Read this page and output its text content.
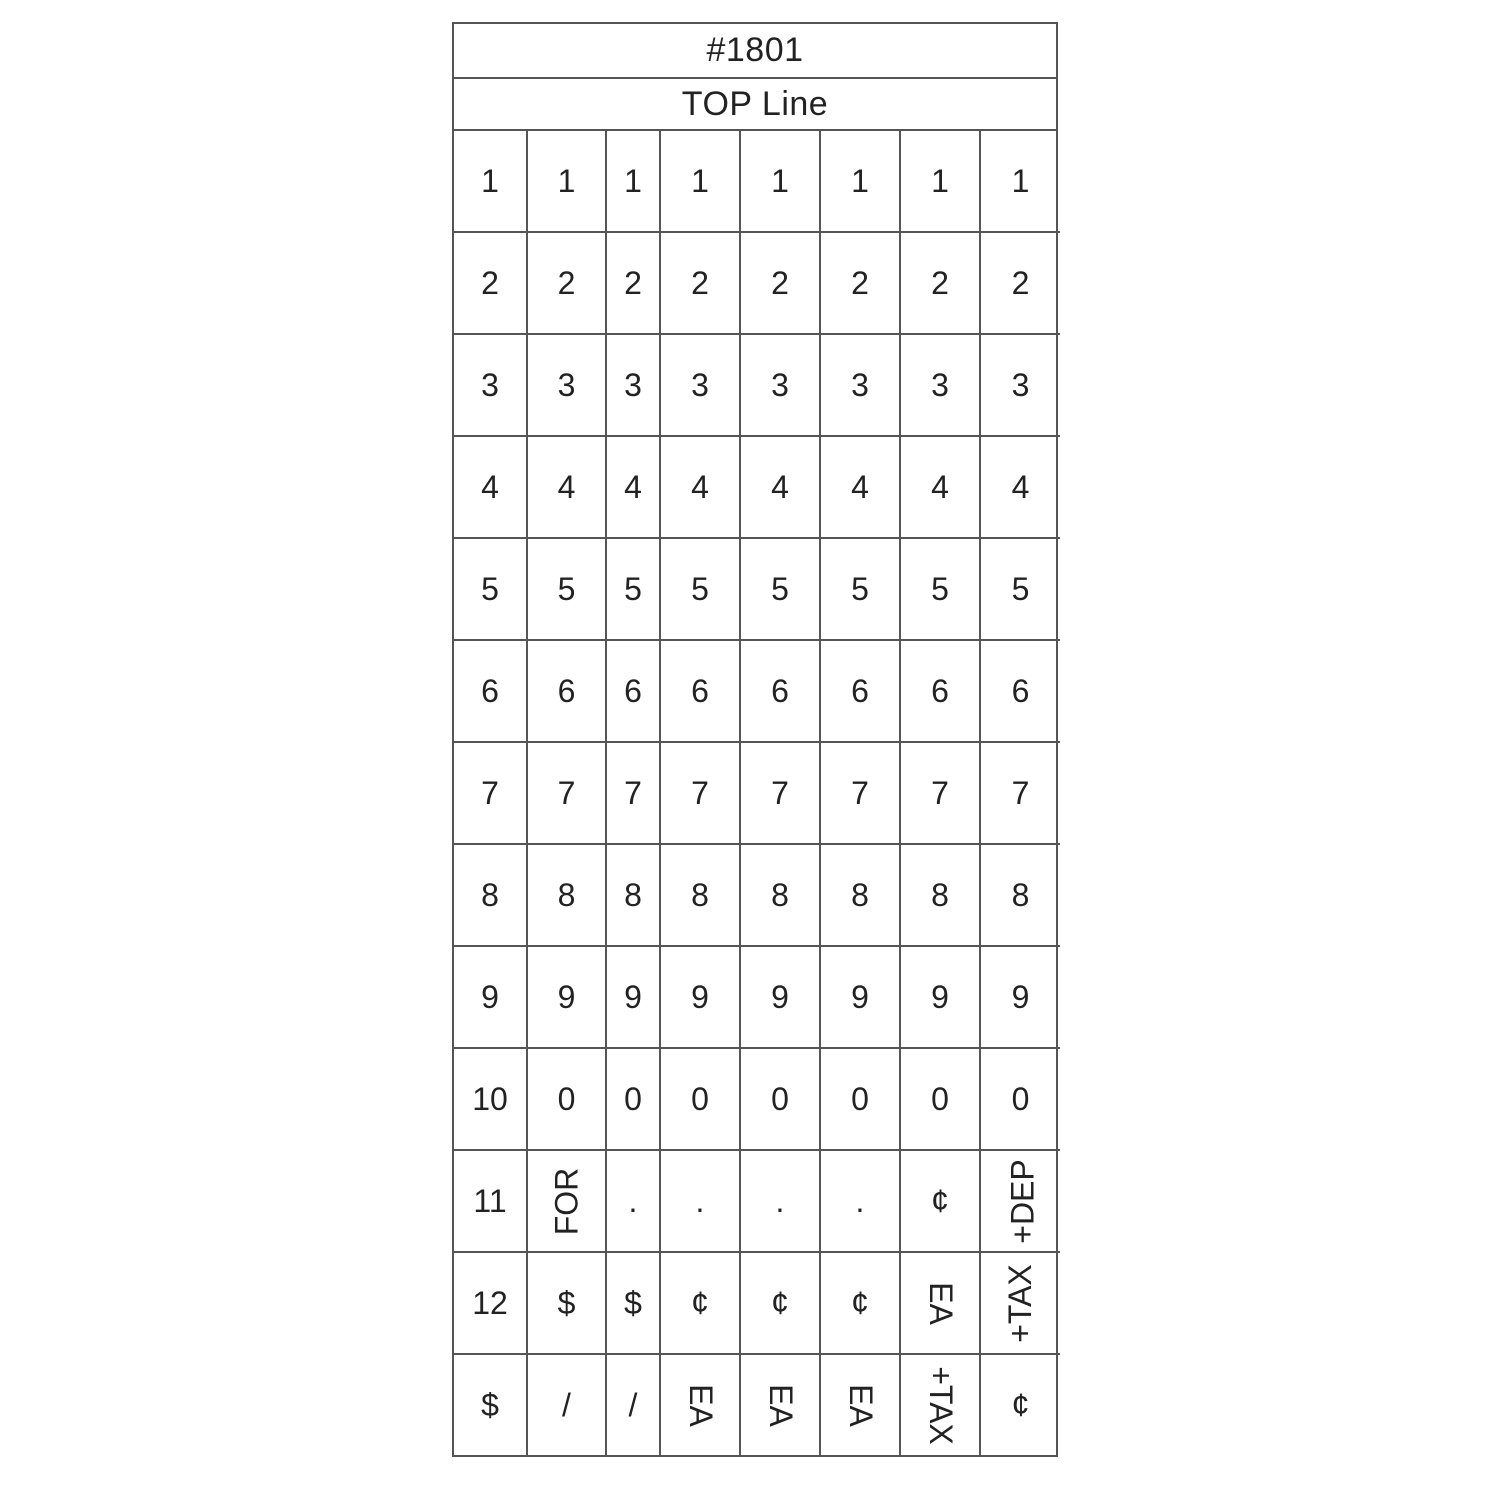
#1801
TOP Line
1	1	1	1	1	1	1	1
2	2	2	2	2	2	2	2
3	3	3	3	3	3	3	3
4	4	4	4	4	4	4	4
5	5	5	5	5	5	5	5
6	6	6	6	6	6	6	6
7	7	7	7	7	7	7	7
8	8	8	8	8	8	8	8
9	9	9	9	9	9	9	9
10	0	0	0	0	0	0	0
11	FOR	.	.	.	.	¢	+DEP
12	$	$	¢	¢	¢	EA	+TAX
$	/	/	EA	EA	EA	+TAX	¢
